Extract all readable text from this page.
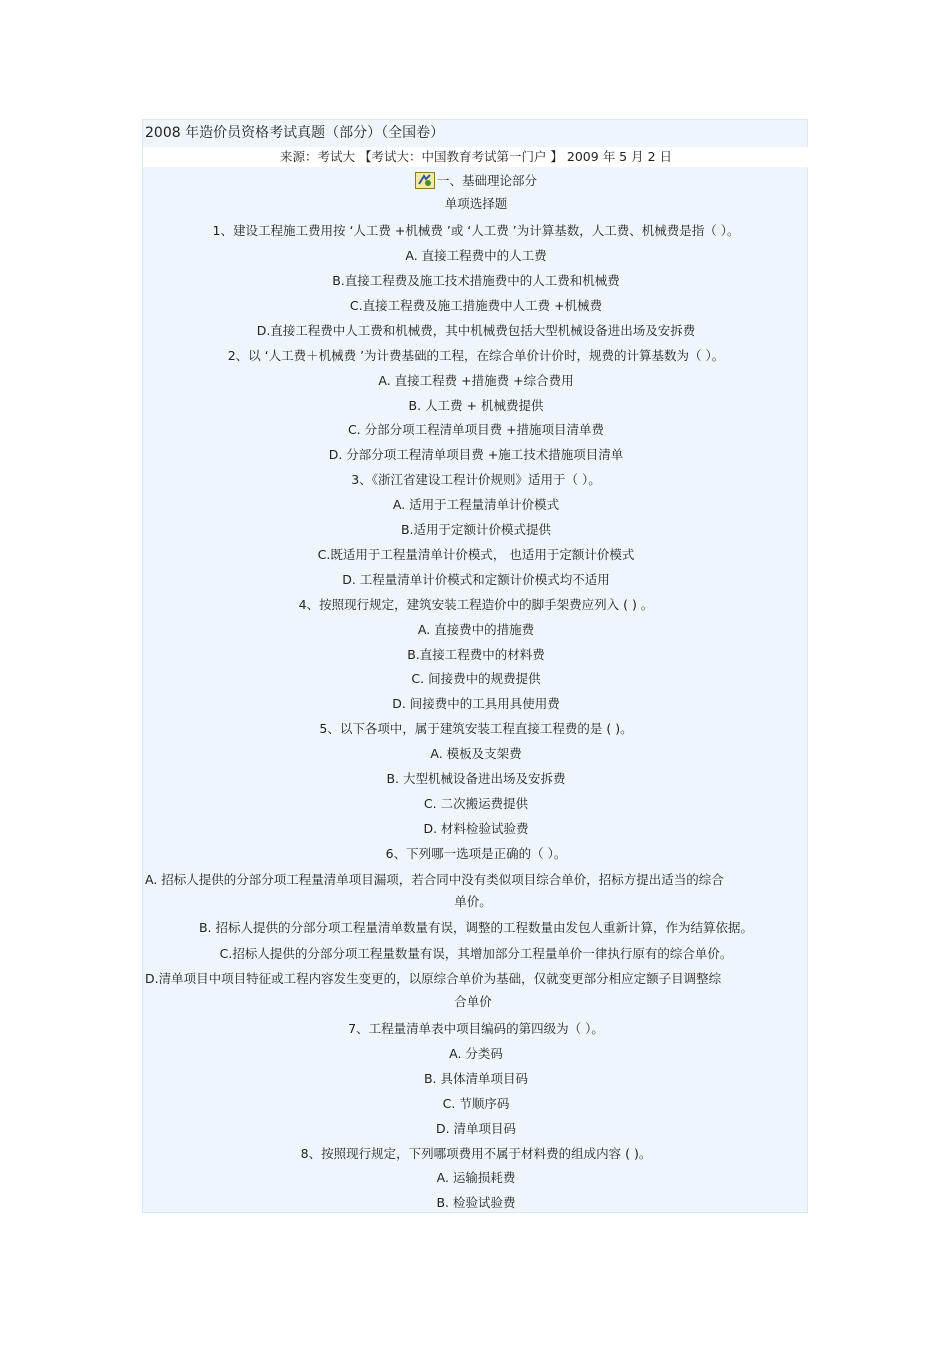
2008 年造价员资格考试真题（部分）（全国卷）
来源：考试大 【考试大：中国教育考试第一门户 】 2009 年 5 月 2 日
一、基础理论部分
单项选择题
1、建设工程施工费用按 ‘人工费 +机械费 ’或 ‘人工费 ’为计算基数，人工费、机械费是指（ ）。
A. 直接工程费中的人工费
B.直接工程费及施工技术措施费中的人工费和机械费
C.直接工程费及施工措施费中人工费 +机械费
D.直接工程费中人工费和机械费，其中机械费包括大型机械设备进出场及安拆费
2、以 ‘人工费＋机械费 ’为计费基础的工程，在综合单价计价时，规费的计算基数为（ ）。
A. 直接工程费 +措施费 +综合费用
B. 人工费 + 机械费提供
C. 分部分项工程清单项目费 +措施项目清单费
D. 分部分项工程清单项目费 +施工技术措施项目清单
3、《浙江省建设工程计价规则》适用于（ ）。
A. 适用于工程量清单计价模式
B.适用于定额计价模式提供
C.既适用于工程量清单计价模式， 也适用于定额计价模式
D. 工程量清单计价模式和定额计价模式均不适用
4、按照现行规定，建筑安装工程造价中的脚手架费应列入 ( ) 。
A. 直接费中的措施费
B.直接工程费中的材料费
C. 间接费中的规费提供
D. 间接费中的工具用具使用费
5、以下各项中，属于建筑安装工程直接工程费的是 ( )。
A. 模板及支架费
B. 大型机械设备进出场及安拆费
C. 二次搬运费提供
D. 材料检验试验费
6、下列哪一选项是正确的（ ）。
A. 招标人提供的分部分项工程量清单项目漏项，若合同中没有类似项目综合单价，招标方提出适当的综合
单价。
B. 招标人提供的分部分项工程量清单数量有误，调整的工程数量由发包人重新计算，作为结算依据。
C.招标人提供的分部分项工程量数量有误，其增加部分工程量单价一律执行原有的综合单价。
D.清单项目中项目特征或工程内容发生变更的，以原综合单价为基础，仅就变更部分相应定额子目调整综
合单价
7、工程量清单表中项目编码的第四级为（ ）。
A. 分类码
B. 具体清单项目码
C. 节顺序码
D. 清单项目码
8、按照现行规定，下列哪项费用不属于材料费的组成内容 ( )。
A. 运输损耗费
B. 检验试验费
